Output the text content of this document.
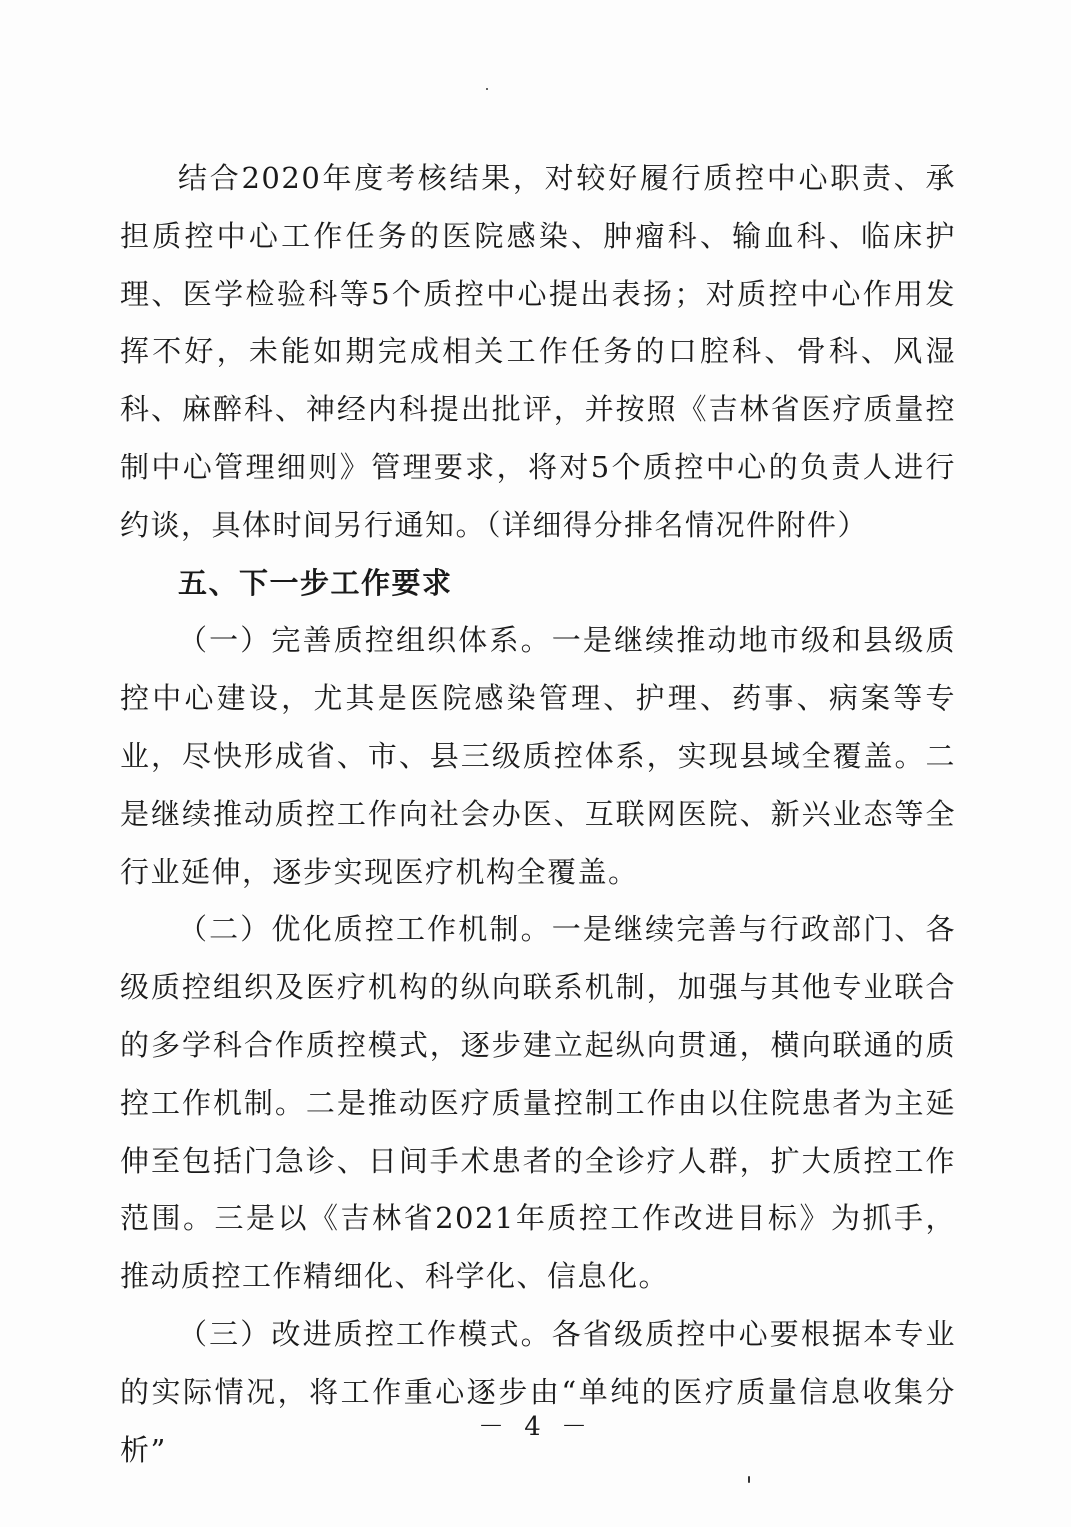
结合2020年度考核结果，对较好履行质控中心职责、承担质控中心工作任务的医院感染、肿瘤科、输血科、临床护理、医学检验科等5个质控中心提出表扬；对质控中心作用发挥不好，未能如期完成相关工作任务的口腔科、骨科、风湿科、麻醉科、神经内科提出批评，并按照《吉林省医疗质量控制中心管理细则》管理要求，将对5个质控中心的负责人进行约谈，具体时间另行通知。（详细得分排名情况件附件）

五、下一步工作要求

（一）完善质控组织体系。一是继续推动地市级和县级质控中心建设，尤其是医院感染管理、护理、药事、病案等专业，尽快形成省、市、县三级质控体系，实现县域全覆盖。二是继续推动质控工作向社会办医、互联网医院、新兴业态等全行业延伸，逐步实现医疗机构全覆盖。

（二）优化质控工作机制。一是继续完善与行政部门、各级质控组织及医疗机构的纵向联系机制，加强与其他专业联合的多学科合作质控模式，逐步建立起纵向贯通，横向联通的质控工作机制。二是推动医疗质量控制工作由以住院患者为主延伸至包括门急诊、日间手术患者的全诊疗人群，扩大质控工作范围。三是以《吉林省2021年质控工作改进目标》为抓手，推动质控工作精细化、科学化、信息化。

（三）改进质控工作模式。各省级质控中心要根据本专业的实际情况，将工作重心逐步由“单纯的医疗质量信息收集分析”

－ 4 －
